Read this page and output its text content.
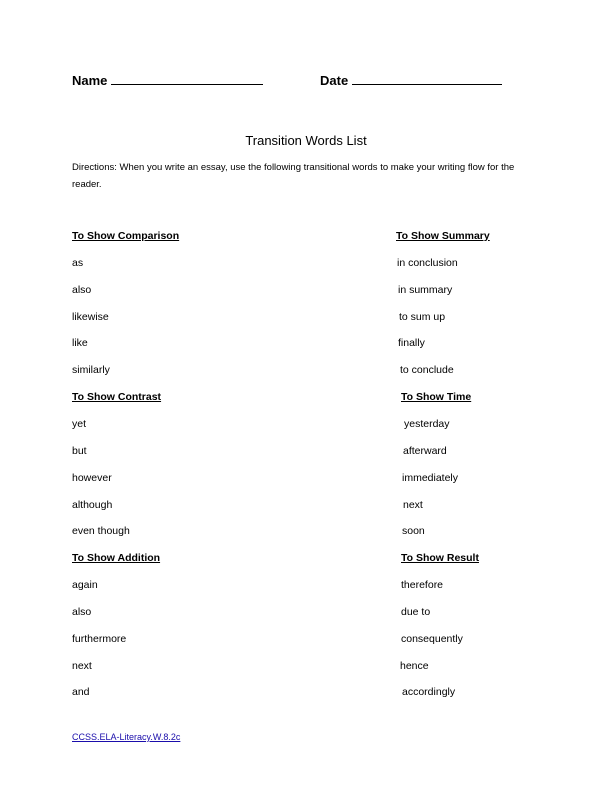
Name	Date
Transition Words List
Directions: When you write an essay, use the following transitional words to make your writing flow for the reader.
To Show Comparison
as
also
likewise
like
similarly
To Show Contrast
yet
but
however
although
even though
To Show Addition
again
also
furthermore
next
and
To Show Summary
in conclusion
in summary
to sum up
finally
to conclude
To Show Time
yesterday
afterward
immediately
next
soon
To Show Result
therefore
due to
consequently
hence
accordingly
CCSS.ELA-Literacy.W.8.2c
